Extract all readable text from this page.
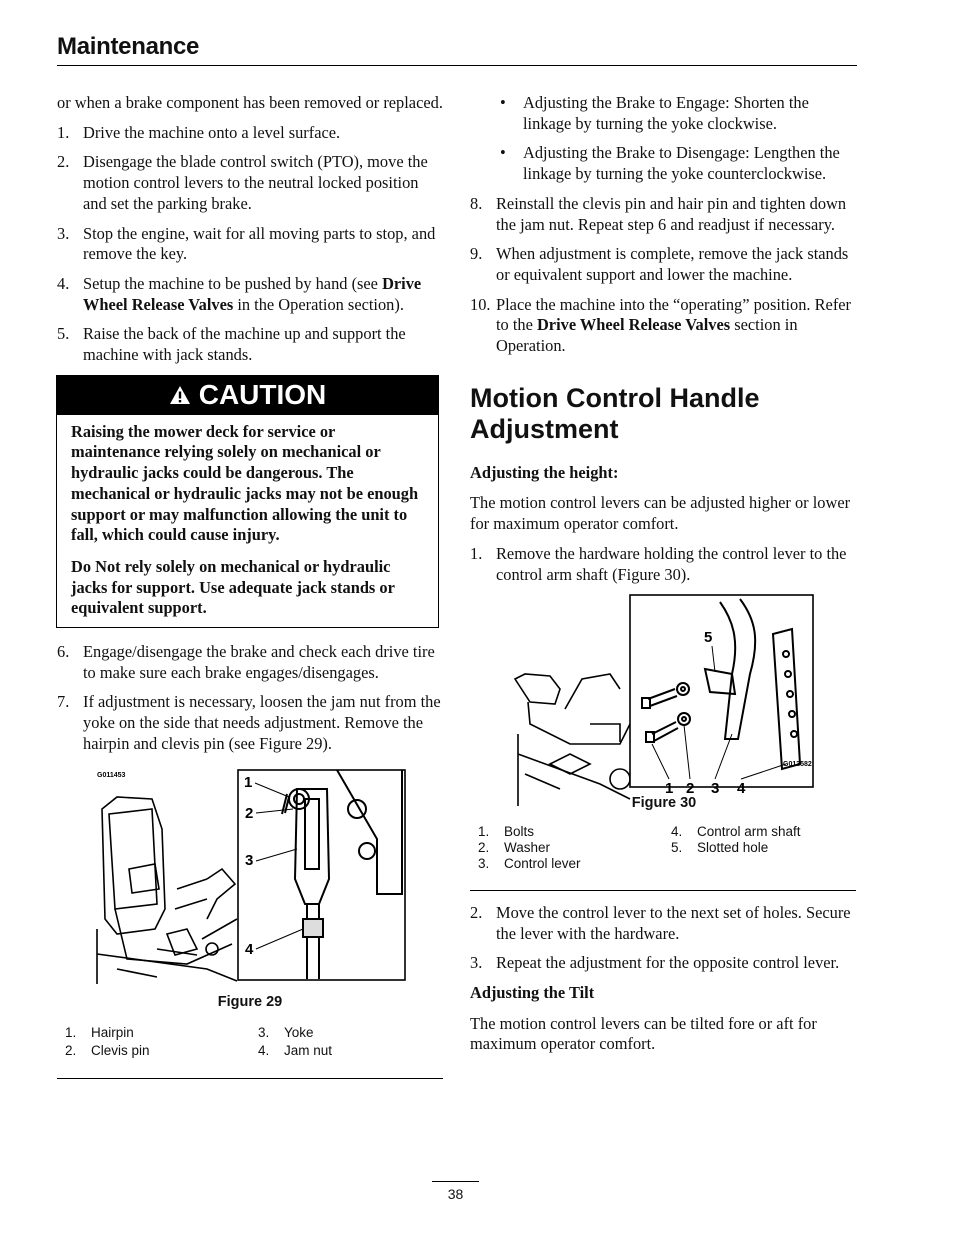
Maintenance

or when a brake component has been removed or replaced.

1. Drive the machine onto a level surface.
2. Disengage the blade control switch (PTO), move the motion control levers to the neutral locked position and set the parking brake.
3. Stop the engine, wait for all moving parts to stop, and remove the key.
4. Setup the machine to be pushed by hand (see Drive Wheel Release Valves in the Operation section).
5. Raise the back of the machine up and support the machine with jack stands.
CAUTION

Raising the mower deck for service or maintenance relying solely on mechanical or hydraulic jacks could be dangerous. The mechanical or hydraulic jacks may not be enough support or may malfunction allowing the unit to fall, which could cause injury.

Do Not rely solely on mechanical or hydraulic jacks for support. Use adequate jack stands or equivalent support.

6. Engage/disengage the brake and check each drive tire to make sure each brake engages/disengages.
7. If adjustment is necessary, loosen the jam nut from the yoke on the side that needs adjustment. Remove the hairpin and clevis pin (see Figure 29).
1
2
3
4
G011453
Figure 29
1. Hairpin	3. Yoke
2. Clevis pin	4. Jam nut
•	Adjusting the Brake to Engage: Shorten the linkage by turning the yoke clockwise.
•	Adjusting the Brake to Disengage: Lengthen the linkage by turning the yoke counterclockwise.
8. Reinstall the clevis pin and hair pin and tighten down the jam nut. Repeat step 6 and readjust if necessary.
9. When adjustment is complete, remove the jack stands or equivalent support and lower the machine.
10. Place the machine into the “operating” position. Refer to the Drive Wheel Release Valves section in Operation.
Motion Control Handle Adjustment
Adjusting the height:

The motion control levers can be adjusted higher or lower for maximum operator comfort.

1. Remove the hardware holding the control lever to the control arm shaft (Figure 30).
5
1 2 3 4
G013582
Figure 30
1. Bolts	4. Control arm shaft
2. Washer	5. Slotted hole
3. Control lever
2. Move the control lever to the next set of holes. Secure the lever with the hardware.
3. Repeat the adjustment for the opposite control lever.
Adjusting the Tilt

The motion control levers can be tilted fore or aft for maximum operator comfort.

38
